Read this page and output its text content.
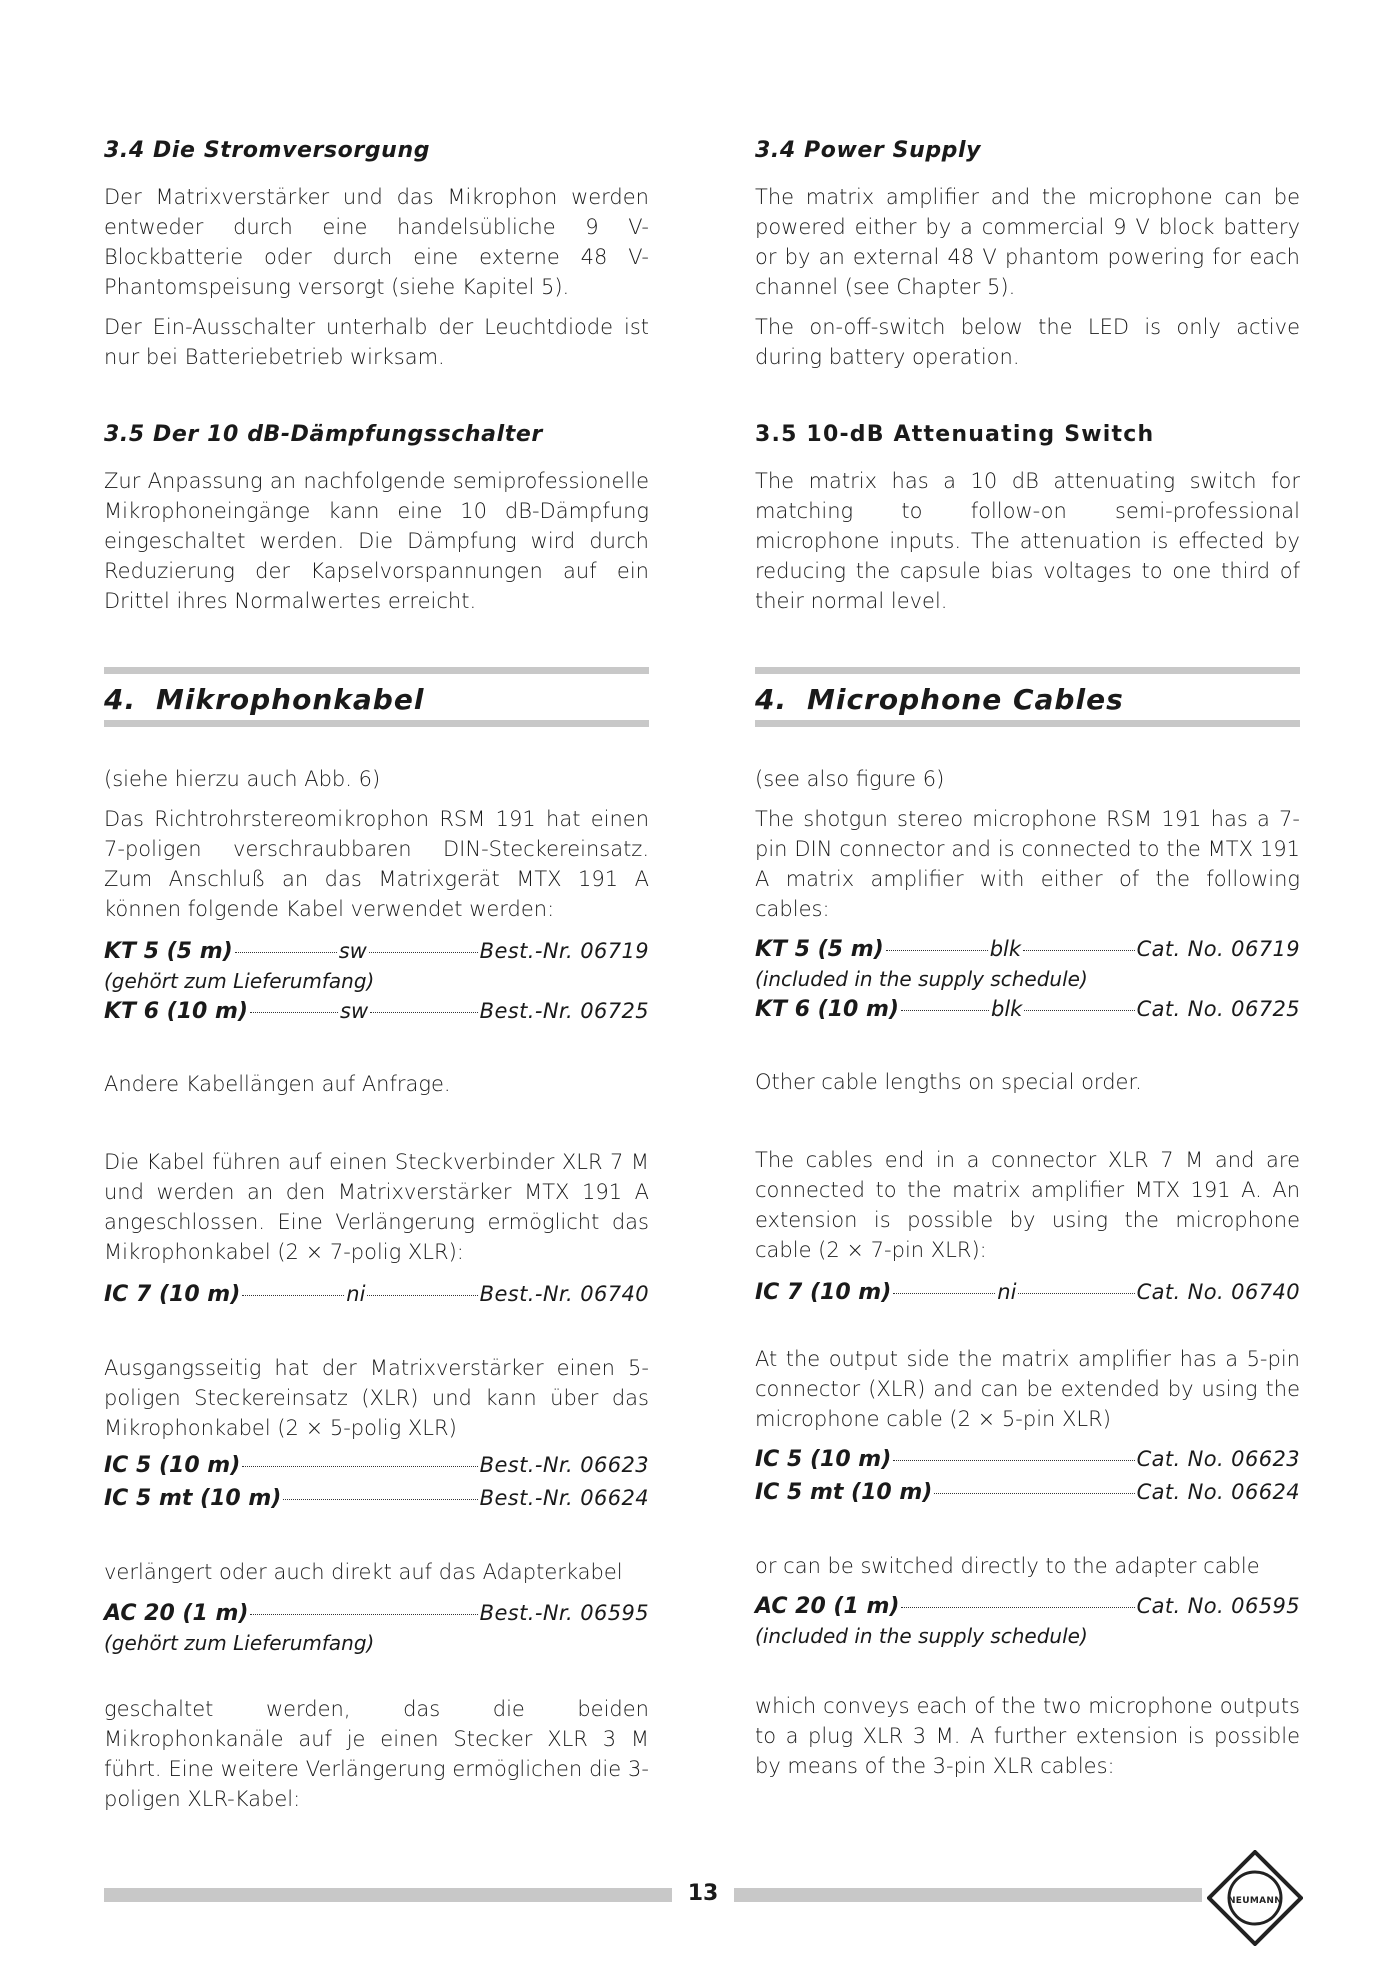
3.4 Die Stromversorgung

Der Matrixverstärker und das Mikrophon werden entweder durch eine handelsübliche 9 V-Blockbatterie oder durch eine externe 48 V-Phantomspeisung versorgt (siehe Kapitel 5).

Der Ein-Ausschalter unterhalb der Leuchtdiode ist nur bei Batteriebetrieb wirksam.

3.5 Der 10 dB-Dämpfungsschalter

Zur Anpassung an nachfolgende semiprofessionelle Mikrophoneingänge kann eine 10 dB-Dämpfung eingeschaltet werden. Die Dämpfung wird durch Reduzierung der Kapselvorspannungen auf ein Drittel ihres Normalwertes erreicht.

4. Mikrophonkabel

(siehe hierzu auch Abb. 6)

Das Richtrohrstereomikrophon RSM 191 hat einen 7-poligen verschraubbaren DIN-Steckereinsatz. Zum Anschluß an das Matrixgerät MTX 191 A können folgende Kabel verwendet werden:

KT 5 (5 m)	sw	Best.-Nr. 06719
(gehört zum Lieferumfang)
KT 6 (10 m)	sw	Best.-Nr. 06725

Andere Kabellängen auf Anfrage.

Die Kabel führen auf einen Steckverbinder XLR 7 M und werden an den Matrixverstärker MTX 191 A angeschlossen. Eine Verlängerung ermöglicht das Mikrophonkabel (2 × 7-polig XLR):

IC 7 (10 m)	ni	Best.-Nr. 06740

Ausgangsseitig hat der Matrixverstärker einen 5-poligen Steckereinsatz (XLR) und kann über das Mikrophonkabel (2 × 5-polig XLR)

IC 5 (10 m)	Best.-Nr. 06623
IC 5 mt (10 m)	Best.-Nr. 06624

verlängert oder auch direkt auf das Adapterkabel

AC 20 (1 m)	Best.-Nr. 06595
(gehört zum Lieferumfang)

geschaltet werden, das die beiden Mikrophonkanäle auf je einen Stecker XLR 3 M führt. Eine weitere Verlängerung ermöglichen die 3-poligen XLR-Kabel:

3.4 Power Supply

The matrix amplifier and the microphone can be powered either by a commercial 9 V block battery or by an external 48 V phantom powering for each channel (see Chapter 5).

The on-off-switch below the LED is only active during battery operation.

3.5 10-dB Attenuating Switch

The matrix has a 10 dB attenuating switch for matching to follow-on semi-professional microphone inputs. The attenuation is effected by reducing the capsule bias voltages to one third of their normal level.

4. Microphone Cables

(see also figure 6)

The shotgun stereo microphone RSM 191 has a 7-pin DIN connector and is connected to the MTX 191 A matrix amplifier with either of the following cables:

KT 5 (5 m)	blk	Cat. No. 06719
(included in the supply schedule)
KT 6 (10 m)	blk	Cat. No. 06725

Other cable lengths on special order.

The cables end in a connector XLR 7 M and are connected to the matrix amplifier MTX 191 A. An extension is possible by using the microphone cable (2 × 7-pin XLR):

IC 7 (10 m)	ni	Cat. No. 06740

At the output side the matrix amplifier has a 5-pin connector (XLR) and can be extended by using the microphone cable (2 × 5-pin XLR)

IC 5 (10 m)	Cat. No. 06623
IC 5 mt (10 m)	Cat. No. 06624

or can be switched directly to the adapter cable

AC 20 (1 m)	Cat. No. 06595
(included in the supply schedule)

which conveys each of the two microphone outputs to a plug XLR 3 M. A further extension is possible by means of the 3-pin XLR cables:

13	NEUMANN
